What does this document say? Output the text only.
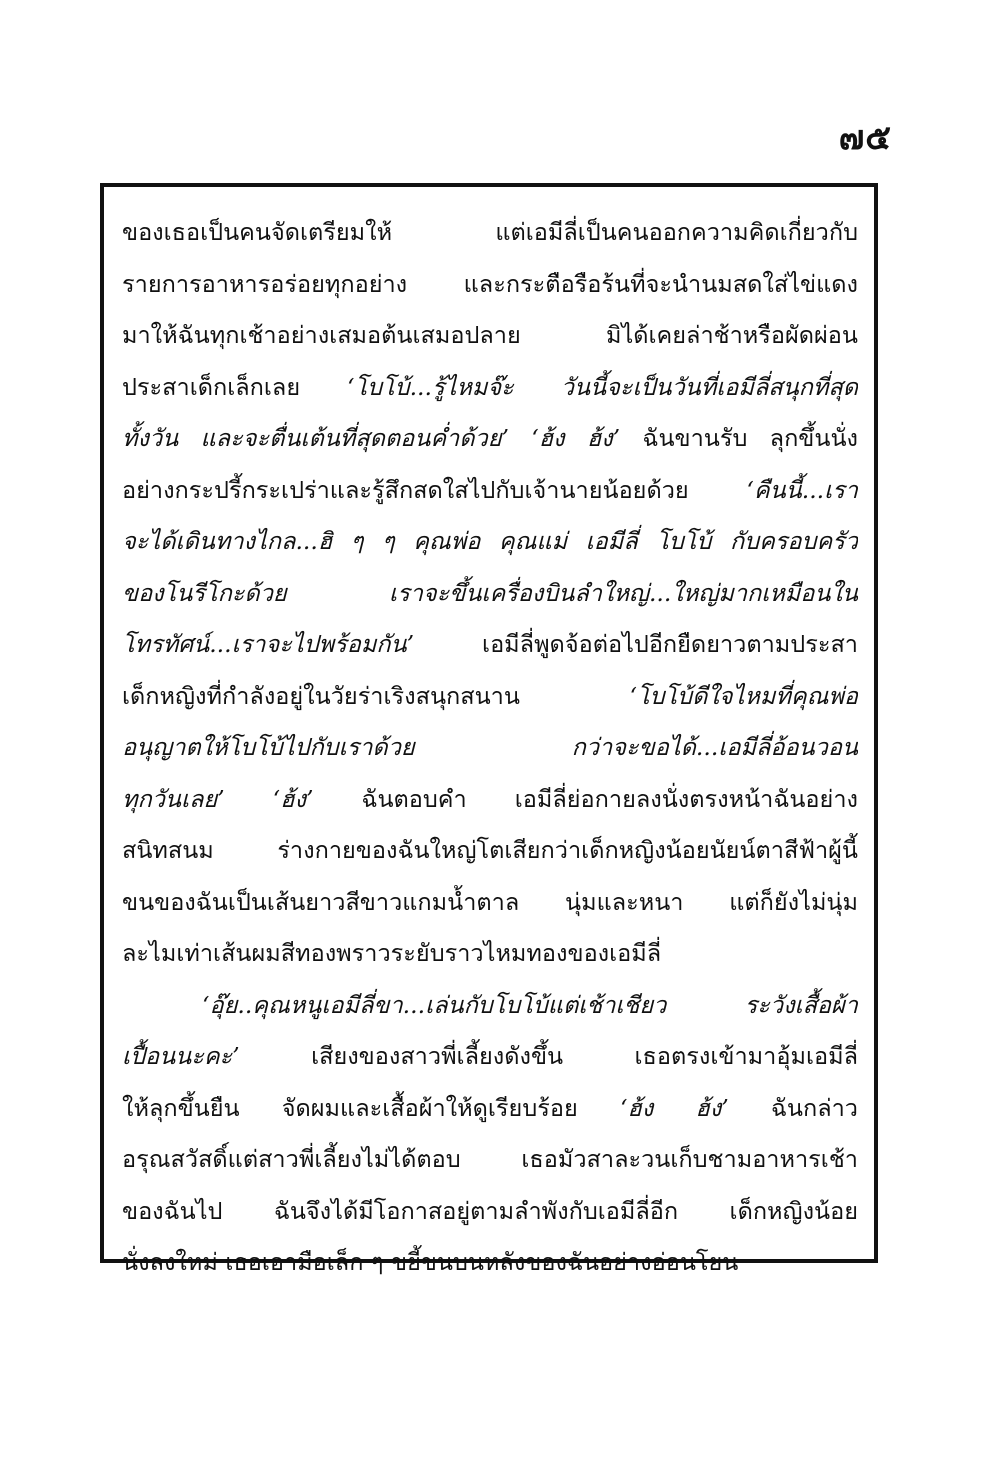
๗๕
ของเธอเป็นคนจัดเตรียมให้ แต่เอมีลี่เป็นคนออกความคิดเกี่ยวกับ
รายการอาหารอร่อยทุกอย่าง และกระตือรือร้นที่จะนำนมสดใส่ไข่แดง
มาให้ฉันทุกเช้าอย่างเสมอต้นเสมอปลาย มิได้เคยล่าช้าหรือผัดผ่อน
ประสาเด็กเล็กเลย ‘โบโบ้...รู้ไหมจ๊ะ วันนี้จะเป็นวันที่เอมีลี่สนุกที่สุด
ทั้งวัน และจะตื่นเต้นที่สุดตอนค่ำด้วย’ ‘ฮ้ง ฮ้ง’ ฉันขานรับ ลุกขึ้นนั่ง
อย่างกระปรี้กระเปร่าและรู้สึกสดใสไปกับเจ้านายน้อยด้วย ‘คืนนี้...เรา
จะได้เดินทางไกล...ฮิ ๆ ๆ คุณพ่อ คุณแม่ เอมีลี่ โบโบ้ กับครอบครัว
ของโนรีโกะด้วย เราจะขึ้นเครื่องบินลำใหญ่...ใหญ่มากเหมือนใน
โทรทัศน์...เราจะไปพร้อมกัน’ เอมีลี่พูดจ้อต่อไปอีกยืดยาวตามประสา
เด็กหญิงที่กำลังอยู่ในวัยร่าเริงสนุกสนาน ‘โบโบ้ดีใจไหมที่คุณพ่อ
อนุญาตให้โบโบ้ไปกับเราด้วย กว่าจะขอได้...เอมีลี่อ้อนวอน
ทุกวันเลย’ ‘ฮ้ง’ ฉันตอบคำ เอมีลี่ย่อกายลงนั่งตรงหน้าฉันอย่าง
สนิทสนม ร่างกายของฉันใหญ่โตเสียกว่าเด็กหญิงน้อยนัยน์ตาสีฟ้าผู้นี้
ขนของฉันเป็นเส้นยาวสีขาวแกมน้ำตาล นุ่มและหนา แต่ก็ยังไม่นุ่ม
ละไมเท่าเส้นผมสีทองพราวระยับราวไหมทองของเอมีลี่
‘อุ๊ย..คุณหนูเอมีลี่ขา...เล่นกับโบโบ้แต่เช้าเชียว ระวังเสื้อผ้า
เปื้อนนะคะ’ เสียงของสาวพี่เลี้ยงดังขึ้น เธอตรงเข้ามาอุ้มเอมีลี่
ให้ลุกขึ้นยืน จัดผมและเสื้อผ้าให้ดูเรียบร้อย ‘ฮ้ง ฮ้ง’ ฉันกล่าว
อรุณสวัสดิ์แต่สาวพี่เลี้ยงไม่ได้ตอบ เธอมัวสาละวนเก็บชามอาหารเช้า
ของฉันไป ฉันจึงได้มีโอกาสอยู่ตามลำพังกับเอมีลี่อีก เด็กหญิงน้อย
นั่งลงใหม่ เธอเอามือเล็ก ๆ ขยี้ขนบนหลังของฉันอย่างอ่อนโยน
